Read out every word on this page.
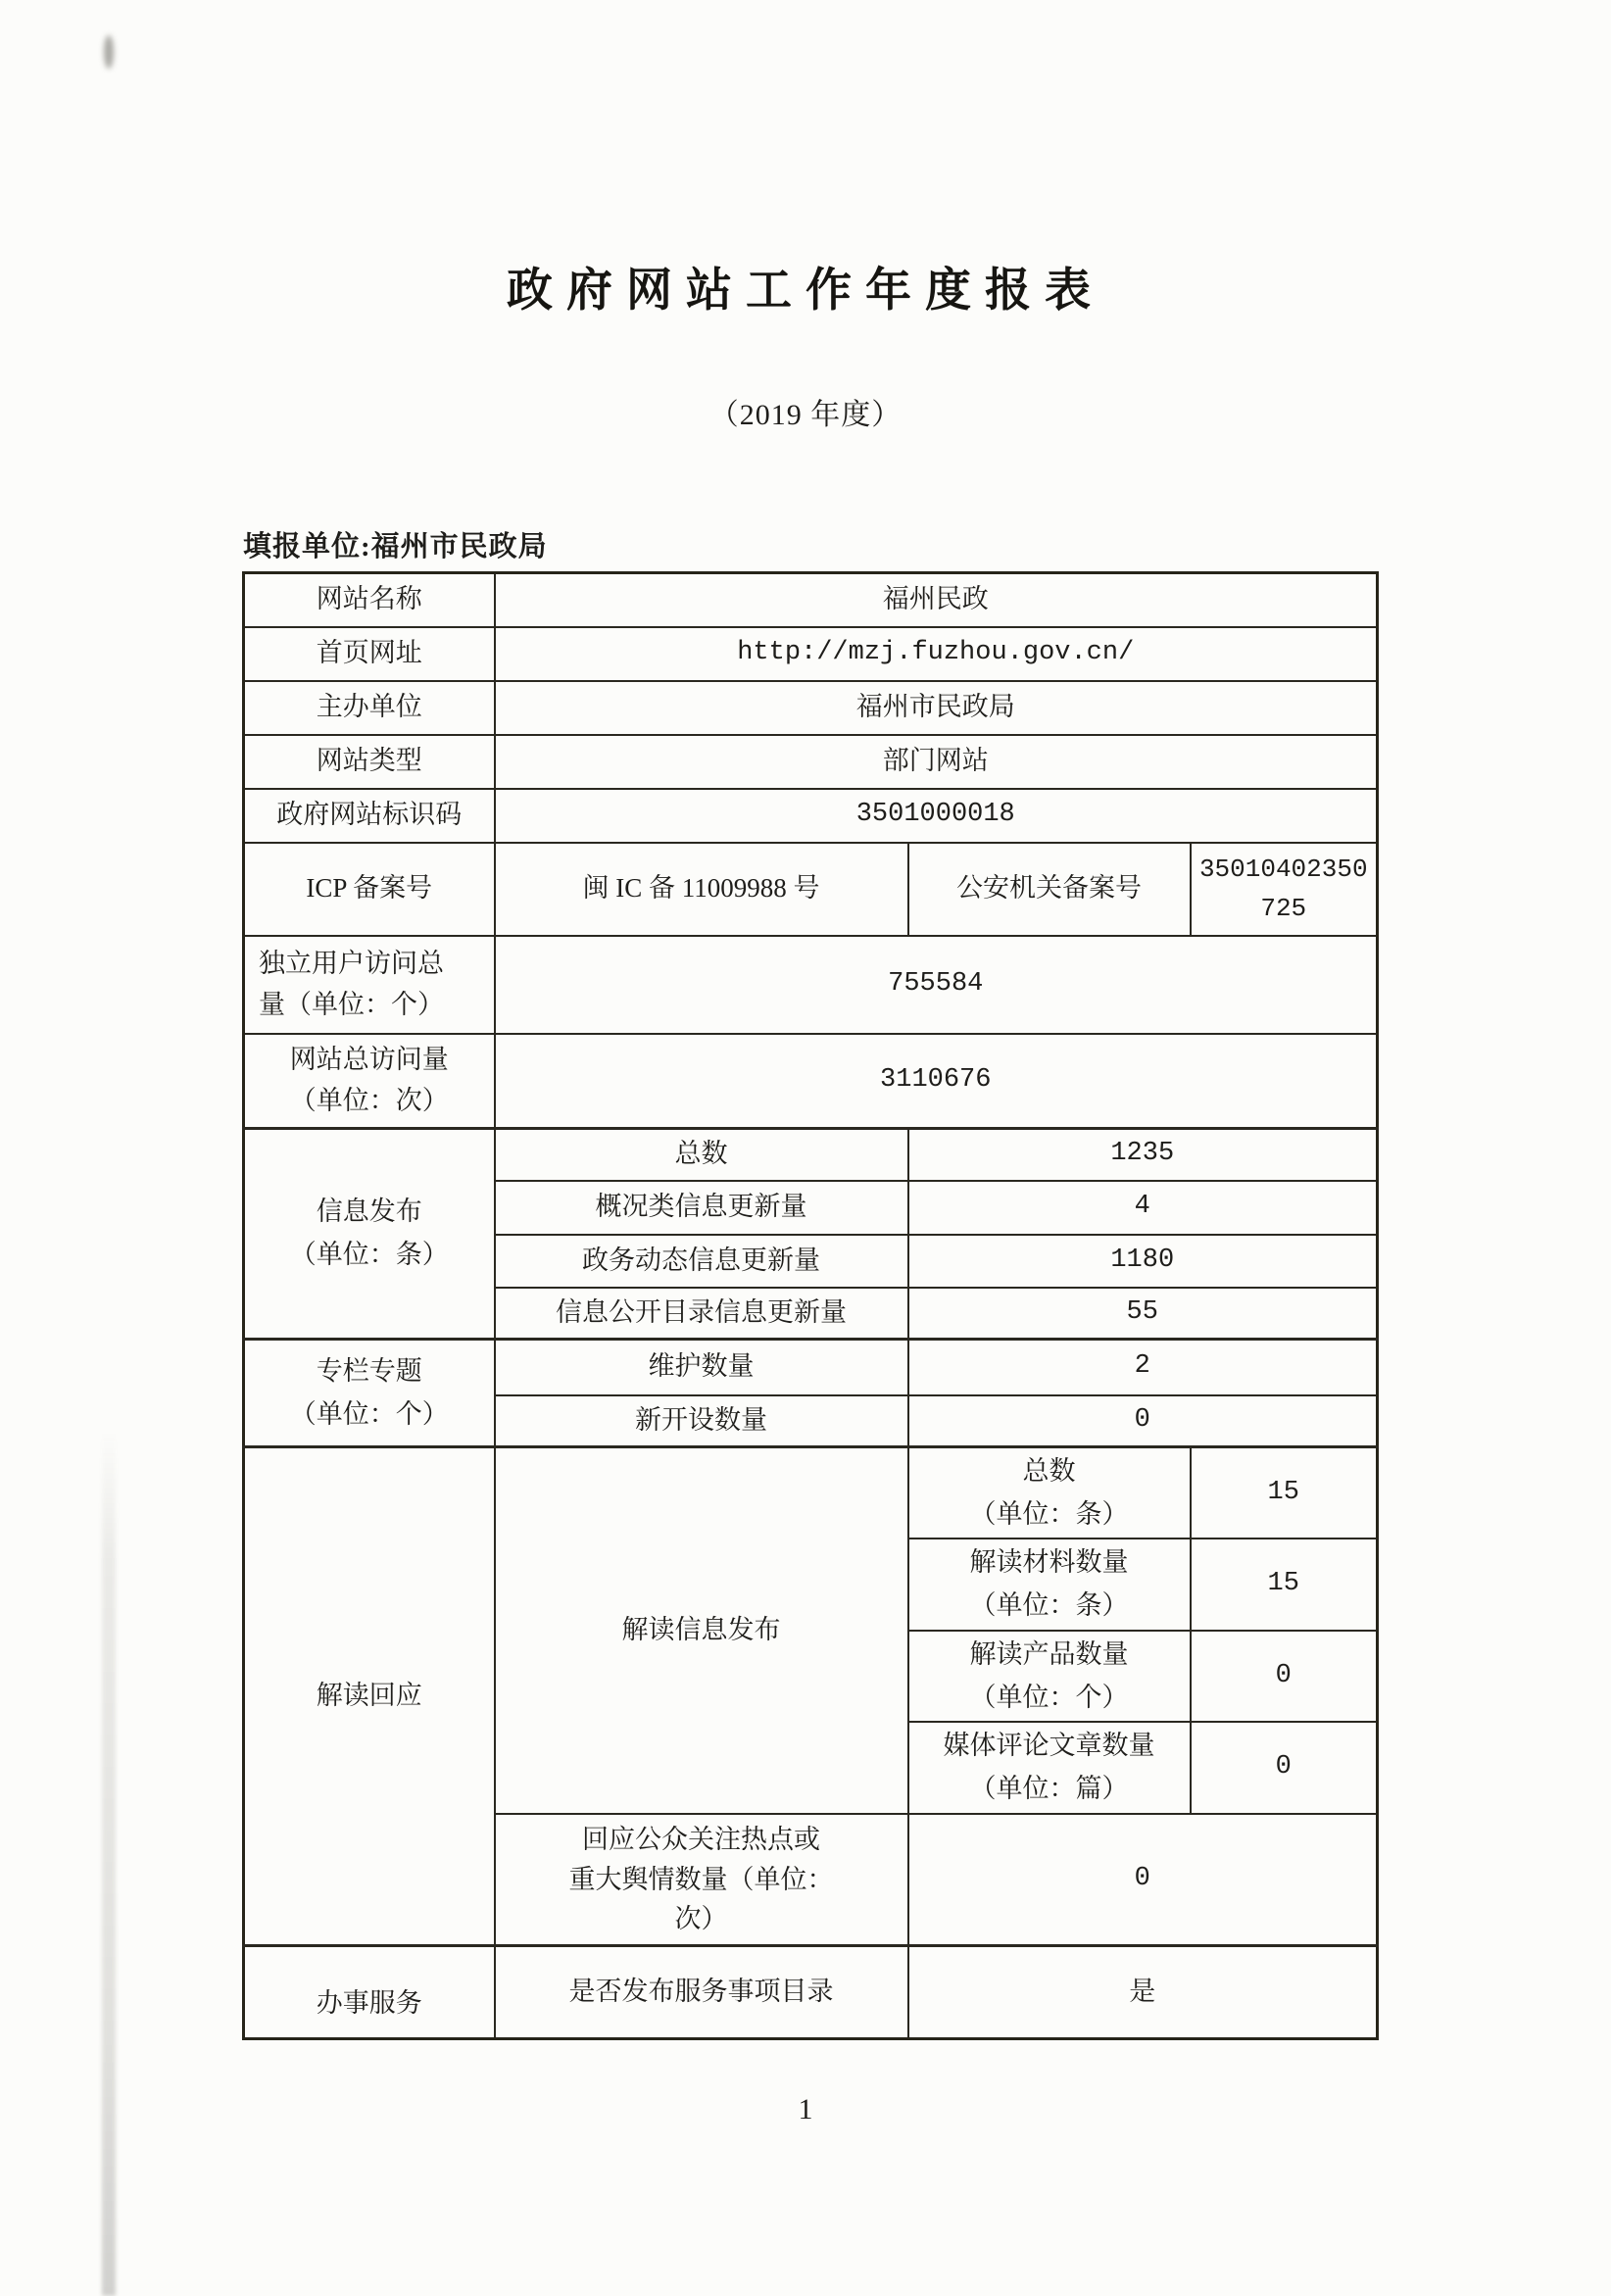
政府网站工作年度报表
（2019 年度）
填报单位:福州市民政局
网站名称	福州民政		
首页网址	http://mzj.fuzhou.gov.cn/		
主办单位	福州市民政局		
网站类型	部门网站		
政府网站标识码	3501000018		
ICP 备案号	闽 IC 备 11009988 号	公安机关备案号	35010402350
725

独立用户访问总
量（单位：个）	755584		

网站总访问量
（单位：次）	3110676		

信息发布
（单位：条）	总数	1235	
	概况类信息更新量	4	
	政务动态信息更新量	1180	
	信息公开目录信息更新量	55	

专栏专题
（单位：个）	维护数量	2	
	新开设数量	0	
解读回应	解读信息发布	总数
（单位：条）	15

		解读材料数量
（单位：条）	15

		解读产品数量
（单位：个）	0

		媒体评论文章数量
（单位：篇）	0

	回应公众关注热点或
重大舆情数量（单位：
次）	0	
办事服务	是否发布服务事项目录	是	
1
